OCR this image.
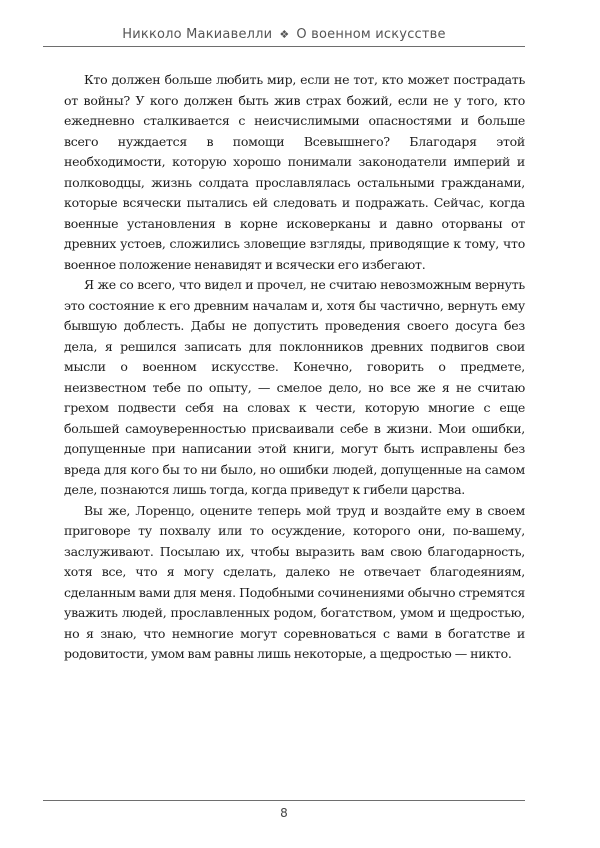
Никколо Макиавелли ❖ О военном искусстве

Кто должен больше любить мир, если не тот, кто может пострадать от войны? У кого должен быть жив страх божий, если не у того, кто ежедневно сталкивается с неисчислимыми опасностями и больше всего нуждается в помощи Всевышнего? Благодаря этой необходимости, которую хорошо понимали законодатели империй и полководцы, жизнь солдата прославлялась остальными гражданами, которые всячески пытались ей следовать и подражать. Сейчас, когда военные установления в корне исковерканы и давно оторваны от древних устоев, сложились зловещие взгляды, приводящие к тому, что военное положение ненавидят и всячески его избегают.

Я же со всего, что видел и прочел, не считаю невозможным вернуть это состояние к его древним началам и, хотя бы частично, вернуть ему бывшую доблесть. Дабы не допустить проведения своего досуга без дела, я решился записать для поклонников древних подвигов свои мысли о военном искусстве. Конечно, говорить о предмете, неизвестном тебе по опыту, — смелое дело, но все же я не считаю грехом подвести себя на словах к чести, которую многие с еще большей самоуверенностью присваивали себе в жизни. Мои ошибки, допущенные при написании этой книги, могут быть исправлены без вреда для кого бы то ни было, но ошибки людей, допущенные на самом деле, познаются лишь тогда, когда приведут к гибели царства.

Вы же, Лоренцо, оцените теперь мой труд и воздайте ему в своем приговоре ту похвалу или то осуждение, которого они, по-вашему, заслуживают. Посылаю их, чтобы выразить вам свою благодарность, хотя все, что я могу сделать, далеко не отвечает благодеяниям, сделанным вами для меня. Подобными сочинениями обычно стремятся уважить людей, прославленных родом, богатством, умом и щедростью, но я знаю, что немногие могут соревноваться с вами в богатстве и родовитости, умом вам равны лишь некоторые, а щедростью — никто.

8
